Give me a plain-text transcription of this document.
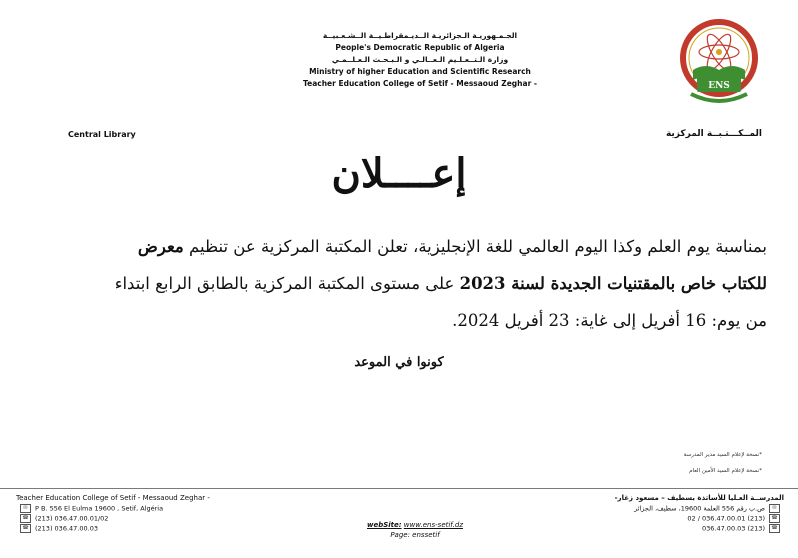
الجـمـهوريـة الـجزائريـة الــديـمقراطـيــة الــشـعـبيــة
People's Democratic Republic of Algeria
وزارة الـتــعـلـيم الـعــالـي و الـبـحـث الـعـلــمـي
Ministry of higher Education and Scientific Research
Teacher Education College of Setif - Messaoud Zeghar -	ENS
Central Library	المــكـــتـبــة المركزية
إعــــلان
بمناسبة يوم العلم وكذا اليوم العالمي للغة الإنجليزية، تعلن المكتبة المركزية عن تنظيم معرض
للكتاب خاص بالمقتنيات الجديدة لسنة 2023 على مستوى المكتبة المركزية بالطابق الرابع ابتداء
من يوم: 16 أفريل إلى غاية: 23 أفريل 2024.
كونوا في الموعد
*نسخة لإعلام السيد مدير المدرسة
*نسخة لإعلام السيد الأمين العام
Teacher Education College of Setif - Messaoud Zeghar -
✉ P B. 556 El Eulma 19600 , Setif, Algéria
☎ (213) 036.47.00.01/02
☎ (213) 036.47.00.03	webSite: www.ens-setif.dz
Page: enssetif
المدرســة العـليا للأساتذة بسطيف – مسعود زغار-
✉ص.ب رقم 556 العلمة 19600، سطيف، الجزائر
☎(213) 036.47.00.01 / 02
☎(213) 036.47.00.03
